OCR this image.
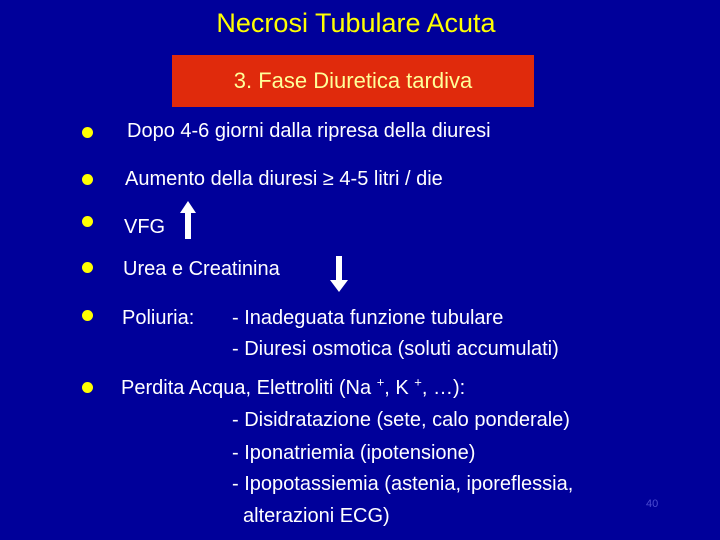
Necrosi Tubulare Acuta
3. Fase Diuretica tardiva
Dopo 4-6 giorni dalla ripresa della diuresi
Aumento della diuresi ≥ 4-5 litri / die
VFG
Urea e Creatinina
Poliuria: - Inadeguata funzione tubulare
- Diuresi osmotica (soluti accumulati)
Perdita Acqua, Elettroliti (Na +, K +, …):
- Disidratazione (sete, calo ponderale)
- Iponatriemia (ipotensione)
- Ipopotassiemia (astenia, iporeflessia,
alterazioni ECG)
40
